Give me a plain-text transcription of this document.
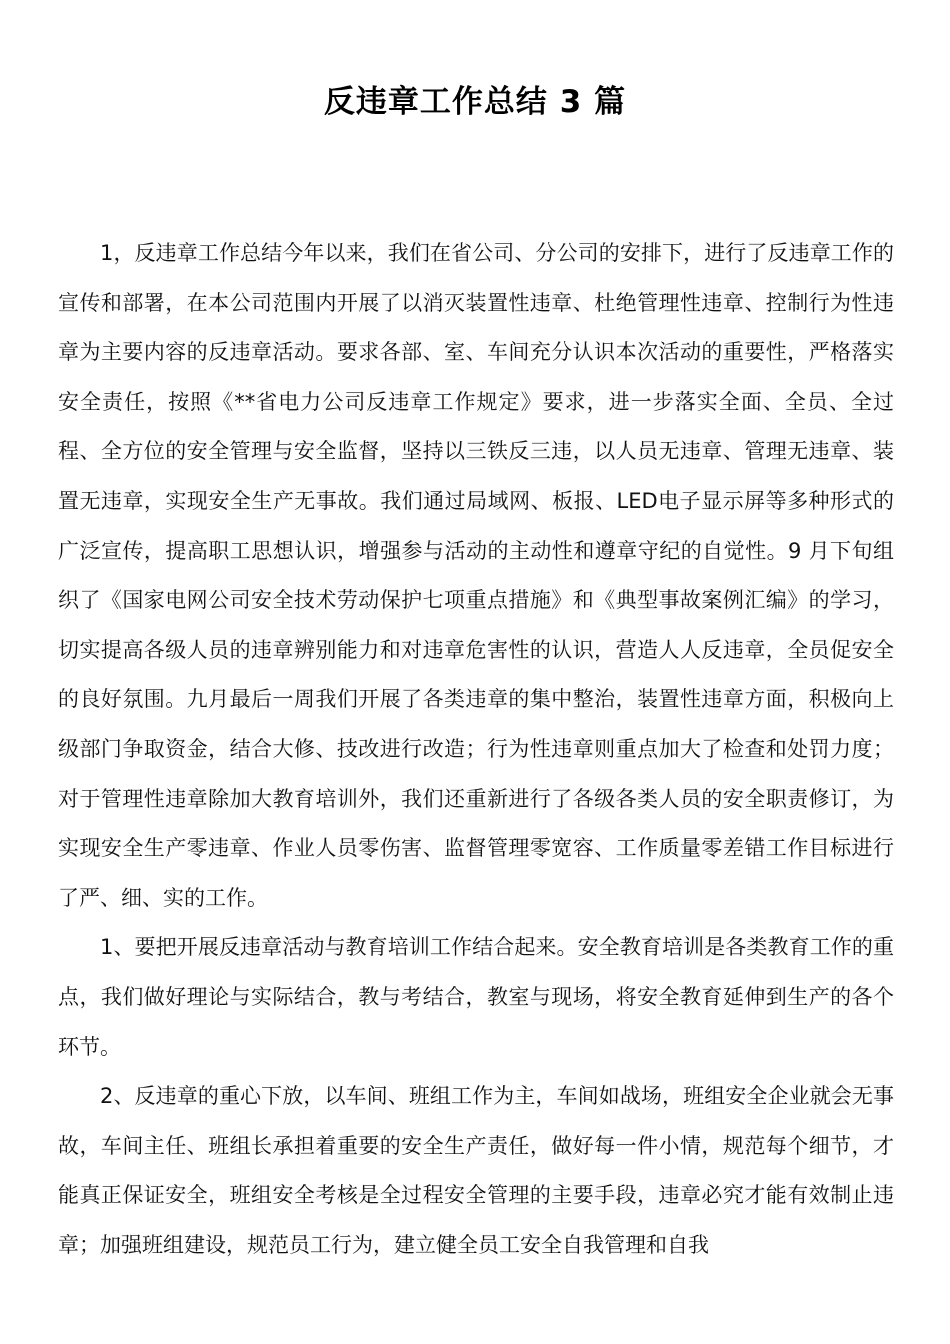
反违章工作总结 3 篇

1，反违章工作总结今年以来，我们在省公司、分公司的安排下，进行了反违章工作的宣传和部署，在本公司范围内开展了以消灭装置性违章、杜绝管理性违章、控制行为性违章为主要内容的反违章活动。要求各部、室、车间充分认识本次活动的重要性，严格落实安全责任，按照《**省电力公司反违章工作规定》要求，进一步落实全面、全员、全过程、全方位的安全管理与安全监督，坚持以三铁反三违，以人员无违章、管理无违章、装置无违章，实现安全生产无事故。我们通过局域网、板报、LED电子显示屏等多种形式的广泛宣传，提高职工思想认识，增强参与活动的主动性和遵章守纪的自觉性。9 月下旬组织了《国家电网公司安全技术劳动保护七项重点措施》和《典型事故案例汇编》的学习，切实提高各级人员的违章辨别能力和对违章危害性的认识，营造人人反违章，全员促安全的良好氛围。九月最后一周我们开展了各类违章的集中整治，装置性违章方面，积极向上级部门争取资金，结合大修、技改进行改造；行为性违章则重点加大了检查和处罚力度；对于管理性违章除加大教育培训外，我们还重新进行了各级各类人员的安全职责修订，为实现安全生产零违章、作业人员零伤害、监督管理零宽容、工作质量零差错工作目标进行了严、细、实的工作。

1、要把开展反违章活动与教育培训工作结合起来。安全教育培训是各类教育工作的重点，我们做好理论与实际结合，教与考结合，教室与现场，将安全教育延伸到生产的各个环节。

2、反违章的重心下放，以车间、班组工作为主，车间如战场，班组安全企业就会无事故，车间主任、班组长承担着重要的安全生产责任，做好每一件小情，规范每个细节，才能真正保证安全，班组安全考核是全过程安全管理的主要手段，违章必究才能有效制止违章；加强班组建设，规范员工行为，建立健全员工安全自我管理和自我
